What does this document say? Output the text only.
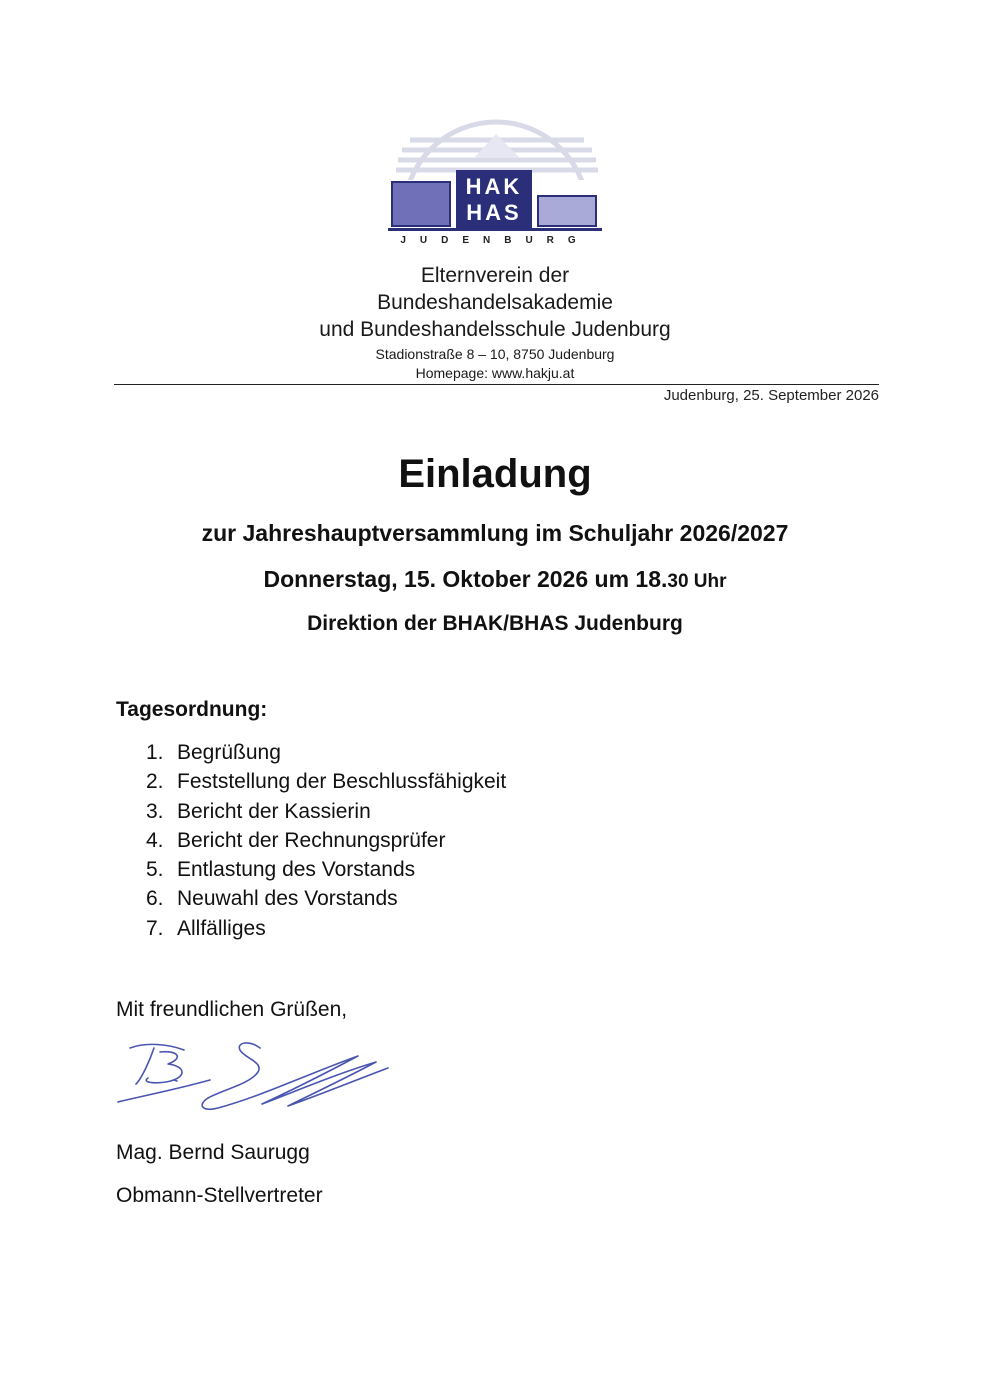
HAK
HAS
JUDENBURG
Elternverein der
Bundeshandelsakademie
und Bundeshandelsschule Judenburg
Stadionstraße 8 – 10, 8750 Judenburg
Homepage: www.hakju.at
Judenburg, 25. September 2026
Einladung
zur Jahreshauptversammlung im Schuljahr 2026/2027
Donnerstag, 15. Oktober 2026 um 18.30 Uhr
Direktion der BHAK/BHAS Judenburg
Tagesordnung:
1. Begrüßung
2. Feststellung der Beschlussfähigkeit
3. Bericht der Kassierin
4. Bericht der Rechnungsprüfer
5. Entlastung des Vorstands
6. Neuwahl des Vorstands
7. Allfälliges
Mit freundlichen Grüßen,
Mag. Bernd Saurugg
Obmann-Stellvertreter
